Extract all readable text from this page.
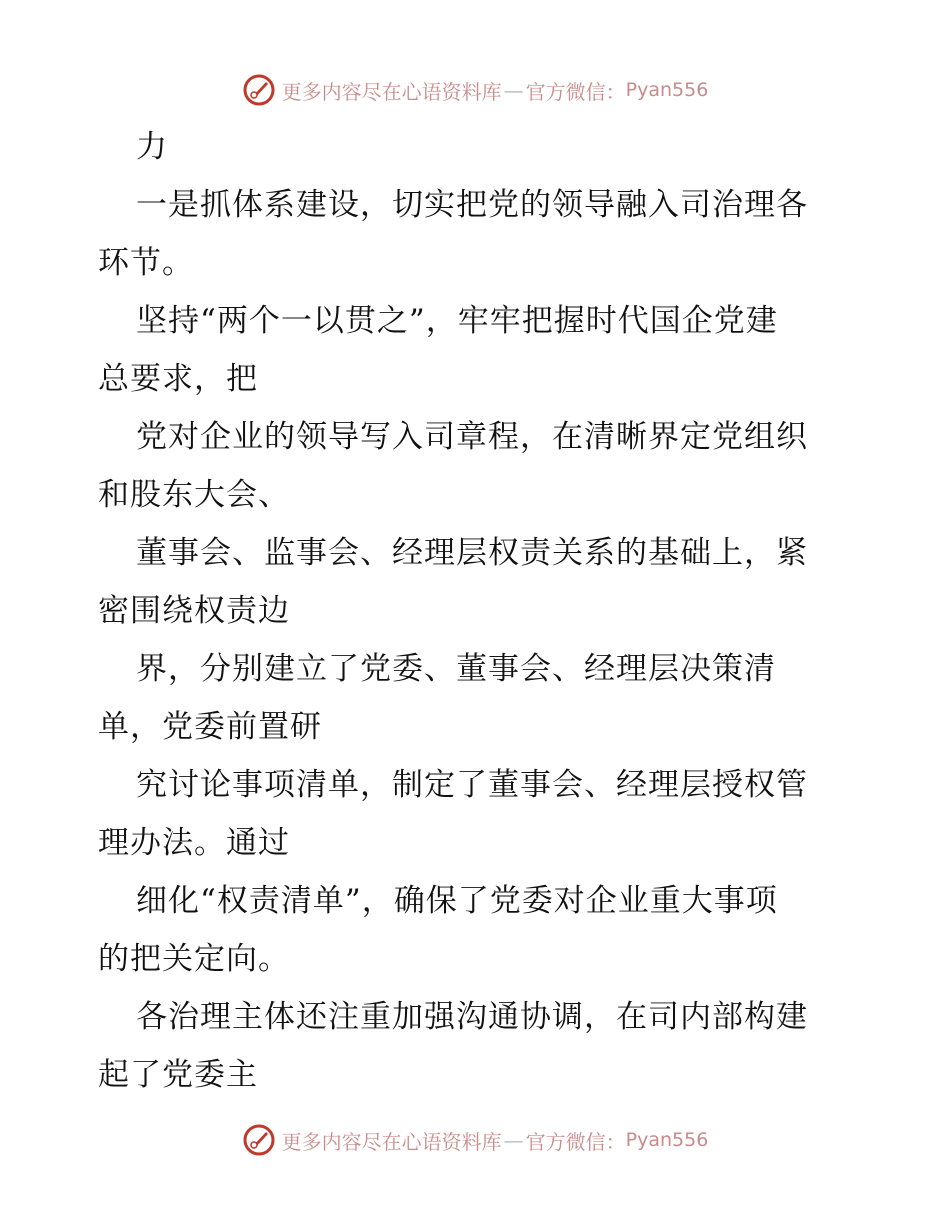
更多内容尽在心语资料库 — 官方微信： Pyan556
力
一是抓体系建设，切实把党的领导融入司治理各
环节。
坚持“两个一以贯之”，牢牢把握时代国企党建
总要求，把
党对企业的领导写入司章程，在清晰界定党组织
和股东大会、
董事会、监事会、经理层权责关系的基础上，紧
密围绕权责边
界，分别建立了党委、董事会、经理层决策清
单，党委前置研
究讨论事项清单，制定了董事会、经理层授权管
理办法。通过
细化“权责清单”，确保了党委对企业重大事项
的把关定向。
各治理主体还注重加强沟通协调，在司内部构建
起了党委主
更多内容尽在心语资料库 — 官方微信： Pyan556
